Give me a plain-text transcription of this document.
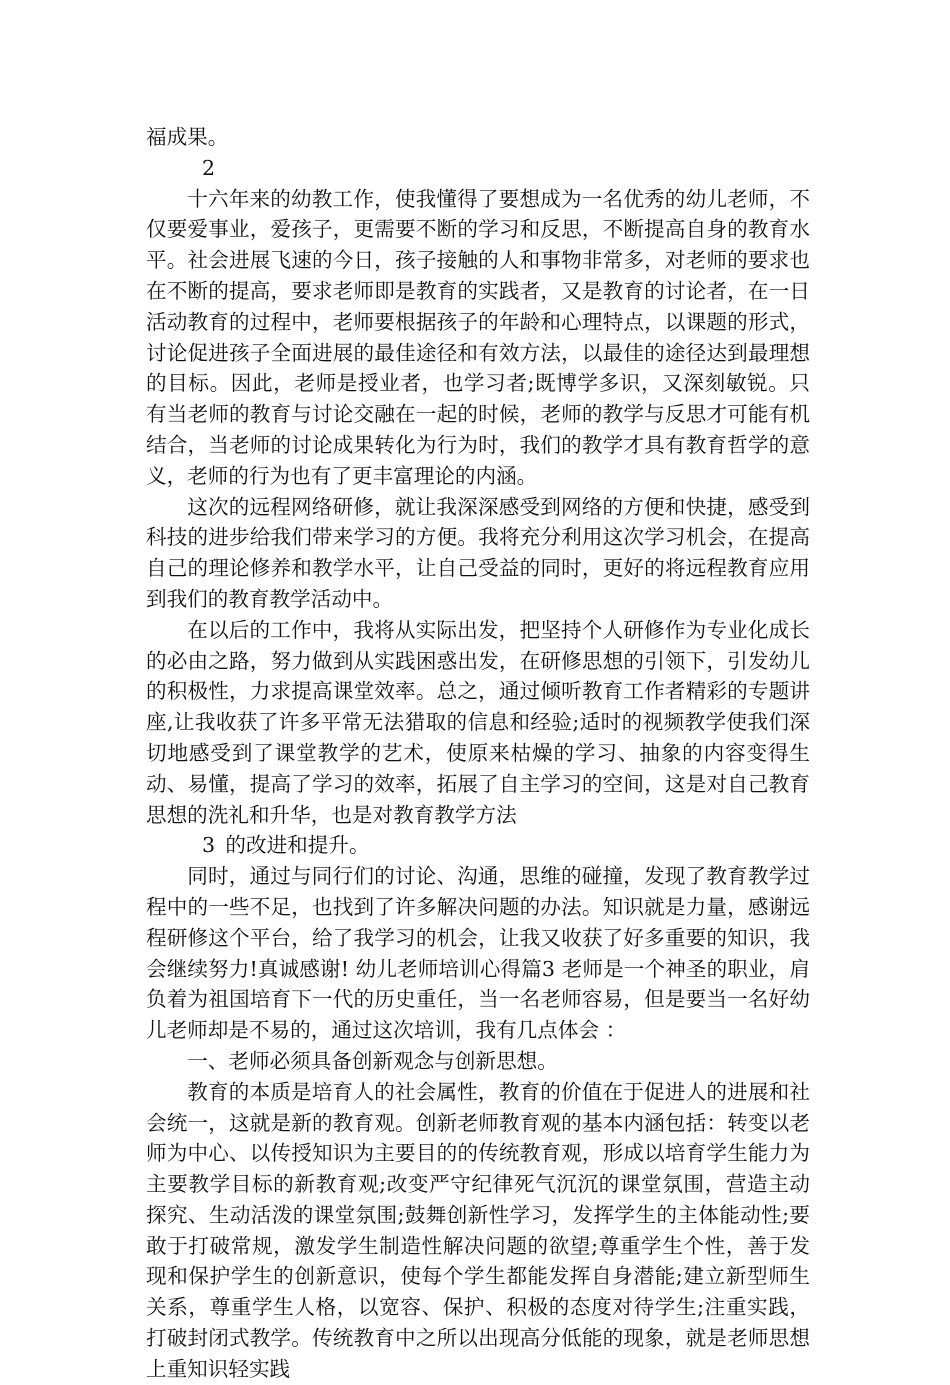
福成果。

2

十六年来的幼教工作，使我懂得了要想成为一名优秀的幼儿老师，不仅要爱事业，爱孩子，更需要不断的学习和反思，不断提高自身的教育水平。社会进展飞速的今日，孩子接触的人和事物非常多，对老师的要求也在不断的提高，要求老师即是教育的实践者，又是教育的讨论者，在一日活动教育的过程中，老师要根据孩子的年龄和心理特点，以课题的形式，讨论促进孩子全面进展的最佳途径和有效方法，以最佳的途径达到最理想的目标。因此，老师是授业者，也学习者;既博学多识，又深刻敏锐。只有当老师的教育与讨论交融在一起的时候，老师的教学与反思才可能有机结合，当老师的讨论成果转化为行为时，我们的教学才具有教育哲学的意义，老师的行为也有了更丰富理论的内涵。

这次的远程网络研修，就让我深深感受到网络的方便和快捷，感受到科技的进步给我们带来学习的方便。我将充分利用这次学习机会，在提高自己的理论修养和教学水平，让自己受益的同时，更好的将远程教育应用到我们的教育教学活动中。

在以后的工作中，我将从实际出发，把坚持个人研修作为专业化成长的必由之路，努力做到从实践困惑出发，在研修思想的引领下，引发幼儿的积极性，力求提高课堂效率。总之，通过倾听教育工作者精彩的专题讲座,让我收获了许多平常无法猎取的信息和经验;适时的视频教学使我们深切地感受到了课堂教学的艺术，使原来枯燥的学习、抽象的内容变得生动、易懂，提高了学习的效率，拓展了自主学习的空间，这是对自己教育思想的洗礼和升华，也是对教育教学方法

3 的改进和提升。

同时，通过与同行们的讨论、沟通，思维的碰撞，发现了教育教学过程中的一些不足，也找到了许多解决问题的办法。知识就是力量，感谢远程研修这个平台，给了我学习的机会，让我又收获了好多重要的知识，我会继续努力!真诚感谢! 幼儿老师培训心得篇3 老师是一个神圣的职业，肩负着为祖国培育下一代的历史重任，当一名老师容易，但是要当一名好幼儿老师却是不易的，通过这次培训，我有几点体会 ：

一、老师必须具备创新观念与创新思想。

教育的本质是培育人的社会属性，教育的价值在于促进人的进展和社会统一，这就是新的教育观。创新老师教育观的基本内涵包括：转变以老师为中心、以传授知识为主要目的的传统教育观，形成以培育学生能力为主要教学目标的新教育观;改变严守纪律死气沉沉的课堂氛围，营造主动探究、生动活泼的课堂氛围;鼓舞创新性学习，发挥学生的主体能动性;要敢于打破常规，激发学生制造性解决问题的欲望;尊重学生个性，善于发现和保护学生的创新意识，使每个学生都能发挥自身潜能;建立新型师生关系，尊重学生人格，以宽容、保护、积极的态度对待学生;注重实践，打破封闭式教学。传统教育中之所以出现高分低能的现象，就是老师思想上重知识轻实践
